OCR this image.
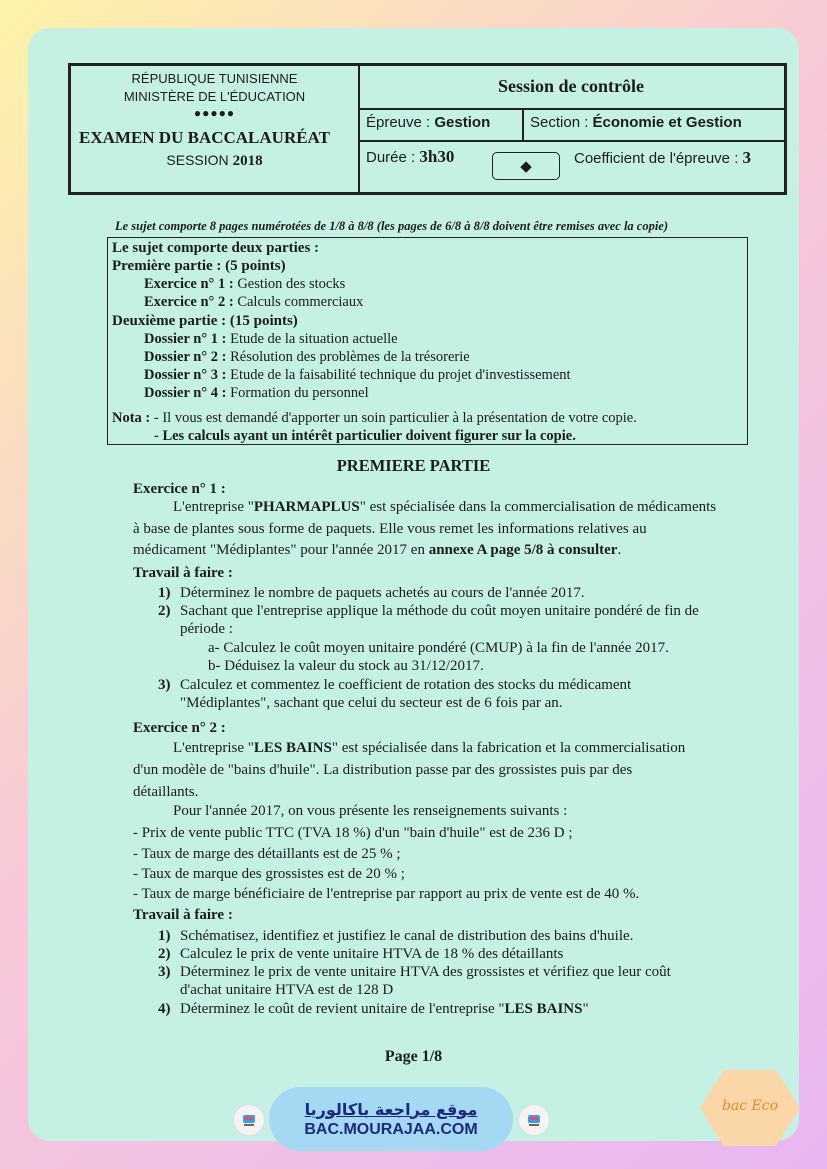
RÉPUBLIQUE TUNISIENNE
MINISTÈRE DE L'ÉDUCATION
●●●●●
EXAMEN DU BACCALAURÉAT
SESSION 2018
Session de contrôle
Épreuve : Gestion	Section : Économie et Gestion
Durée : 3h30
◆	Coefficient de l'épreuve : 3
Le sujet comporte 8 pages numérotées de 1/8 à 8/8 (les pages de 6/8 à 8/8 doivent être remises avec la copie)
Le sujet comporte deux parties :
Première partie : (5 points)
Exercice n° 1 : Gestion des stocks
Exercice n° 2 : Calculs commerciaux
Deuxième partie : (15 points)
Dossier n° 1 : Etude de la situation actuelle
Dossier n° 2 : Résolution des problèmes de la trésorerie
Dossier n° 3 : Etude de la faisabilité technique du projet d'investissement
Dossier n° 4 : Formation du personnel
Nota : - Il vous est demandé d'apporter un soin particulier à la présentation de votre copie.
- Les calculs ayant un intérêt particulier doivent figurer sur la copie.
PREMIERE PARTIE
Exercice n° 1 :
L'entreprise "PHARMAPLUS" est spécialisée dans la commercialisation de médicaments
à base de plantes sous forme de paquets. Elle vous remet les informations relatives au
médicament "Médiplantes" pour l'année 2017 en annexe A page 5/8 à consulter.
Travail à faire :
1) Déterminez le nombre de paquets achetés au cours de l'année 2017.
2) Sachant que l'entreprise applique la méthode du coût moyen unitaire pondéré de fin de
période :
a- Calculez le coût moyen unitaire pondéré (CMUP) à la fin de l'année 2017.
b- Déduisez la valeur du stock au 31/12/2017.
3) Calculez et commentez le coefficient de rotation des stocks du médicament
"Médiplantes", sachant que celui du secteur est de 6 fois par an.
Exercice n° 2 :
L'entreprise "LES BAINS" est spécialisée dans la fabrication et la commercialisation
d'un modèle de "bains d'huile". La distribution passe par des grossistes puis par des
détaillants.
Pour l'année 2017, on vous présente les renseignements suivants :
- Prix de vente public TTC (TVA 18 %) d'un "bain d'huile" est de 236 D ;
- Taux de marge des détaillants est de 25 % ;
- Taux de marque des grossistes est de 20 % ;
- Taux de marge bénéficiaire de l'entreprise par rapport au prix de vente est de 40 %.
Travail à faire :
1) Schématisez, identifiez et justifiez le canal de distribution des bains d'huile.
2) Calculez le prix de vente unitaire HTVA de 18 % des détaillants
3) Déterminez le prix de vente unitaire HTVA des grossistes et vérifiez que leur coût
d'achat unitaire HTVA est de 128 D
4) Déterminez le coût de revient unitaire de l'entreprise "LES BAINS"
Page 1/8
موقع مراجعة باكالوريا
BAC.MOURAJAA.COM
bac Eco
